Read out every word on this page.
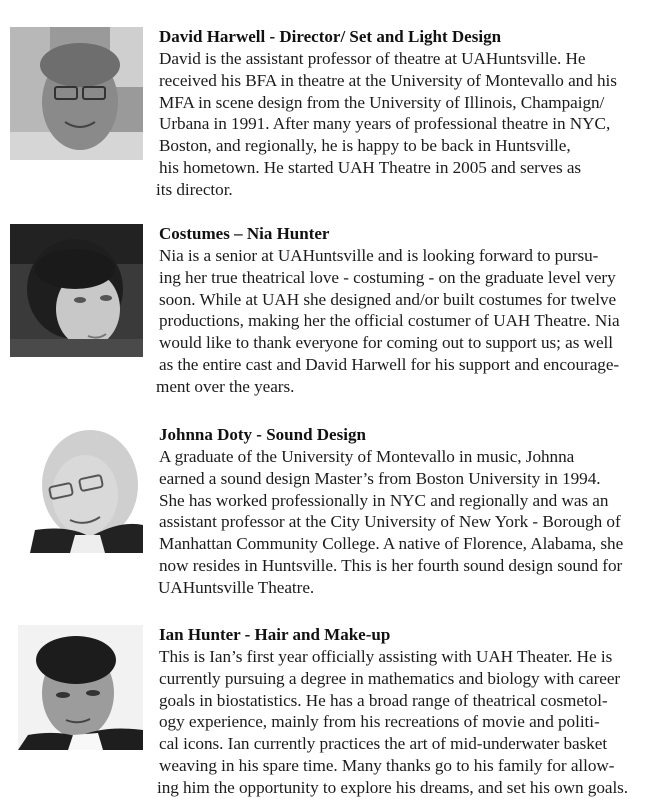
David Harwell - Director/ Set and Light Design
David is the assistant professor of theatre at UAHuntsville. He
received his BFA in theatre at the University of Montevallo and his
MFA in scene design from the University of Illinois, Champaign/
Urbana in 1991. After many years of professional theatre in NYC,
Boston, and regionally, he is happy to be back in Huntsville,
his hometown. He started UAH Theatre in 2005 and serves as
its director.
Costumes – Nia Hunter
Nia is a senior at UAHuntsville and is looking forward to pursu-
ing her true theatrical love - costuming - on the graduate level very
soon. While at UAH she designed and/or built costumes for twelve
productions, making her the official costumer of UAH Theatre. Nia
would like to thank everyone for coming out to support us; as well
as the entire cast and David Harwell for his support and encourage-
ment over the years.
Johnna Doty - Sound Design
A graduate of the University of Montevallo in music, Johnna
earned a sound design Master’s from Boston University in 1994.
She has worked professionally in NYC and regionally and was an
assistant professor at the City University of New York - Borough of
Manhattan Community College. A native of Florence, Alabama, she
now resides in Huntsville. This is her fourth sound design sound for
UAHuntsville Theatre.
Ian Hunter - Hair and Make-up
This is Ian’s first year officially assisting with UAH Theater. He is
currently pursuing a degree in mathematics and biology with career
goals in biostatistics. He has a broad range of theatrical cosmetol-
ogy experience, mainly from his recreations of movie and politi-
cal icons. Ian currently practices the art of mid-underwater basket
weaving in his spare time. Many thanks go to his family for allow-
ing him the opportunity to explore his dreams, and set his own goals.
